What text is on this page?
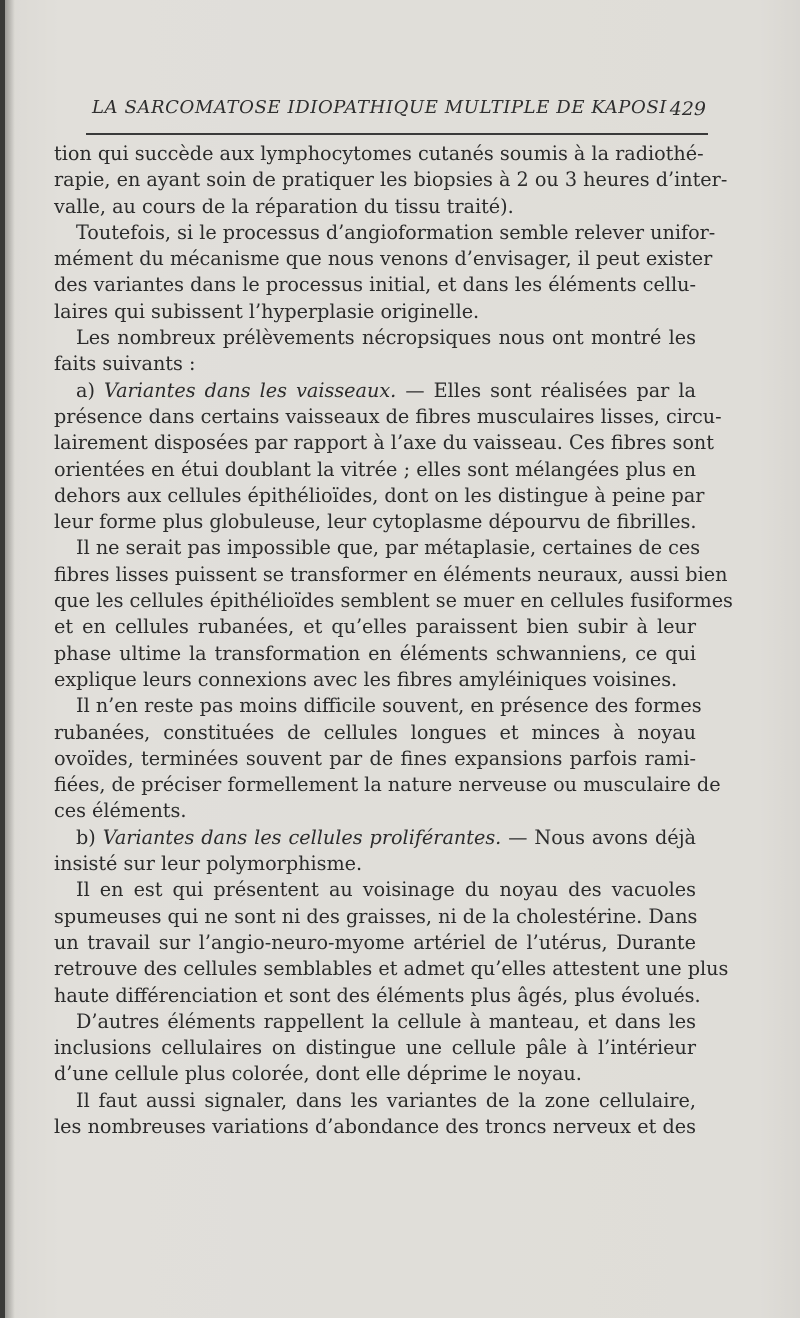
LA SARCOMATOSE IDIOPATHIQUE MULTIPLE DE KAPOSI 429
tion qui succède aux lymphocytomes cutanés soumis à la radiothé-
rapie, en ayant soin de pratiquer les biopsies à 2 ou 3 heures d’inter-
valle, au cours de la réparation du tissu traité).
Toutefois, si le processus d’angioformation semble relever unifor-
mément du mécanisme que nous venons d’envisager, il peut exister
des variantes dans le processus initial, et dans les éléments cellu-
laires qui subissent l’hyperplasie originelle.
Les nombreux prélèvements nécropsiques nous ont montré les
faits suivants :
a) Variantes dans les vaisseaux. — Elles sont réalisées par la
présence dans certains vaisseaux de fibres musculaires lisses, circu-
lairement disposées par rapport à l’axe du vaisseau. Ces fibres sont
orientées en étui doublant la vitrée ; elles sont mélangées plus en
dehors aux cellules épithélioïdes, dont on les distingue à peine par
leur forme plus globuleuse, leur cytoplasme dépourvu de fibrilles.
Il ne serait pas impossible que, par métaplasie, certaines de ces
fibres lisses puissent se transformer en éléments neuraux, aussi bien
que les cellules épithélioïdes semblent se muer en cellules fusiformes
et en cellules rubanées, et qu’elles paraissent bien subir à leur
phase ultime la transformation en éléments schwanniens, ce qui
explique leurs connexions avec les fibres amyléiniques voisines.
Il n’en reste pas moins difficile souvent, en présence des formes
rubanées, constituées de cellules longues et minces à noyau
ovoïdes, terminées souvent par de fines expansions parfois rami-
fiées, de préciser formellement la nature nerveuse ou musculaire de
ces éléments.
b) Variantes dans les cellules proliférantes. — Nous avons déjà
insisté sur leur polymorphisme.
Il en est qui présentent au voisinage du noyau des vacuoles
spumeuses qui ne sont ni des graisses, ni de la cholestérine. Dans
un travail sur l’angio-neuro-myome artériel de l’utérus, Durante
retrouve des cellules semblables et admet qu’elles attestent une plus
haute différenciation et sont des éléments plus âgés, plus évolués.
D’autres éléments rappellent la cellule à manteau, et dans les
inclusions cellulaires on distingue une cellule pâle à l’intérieur
d’une cellule plus colorée, dont elle déprime le noyau.
Il faut aussi signaler, dans les variantes de la zone cellulaire,
les nombreuses variations d’abondance des troncs nerveux et des
